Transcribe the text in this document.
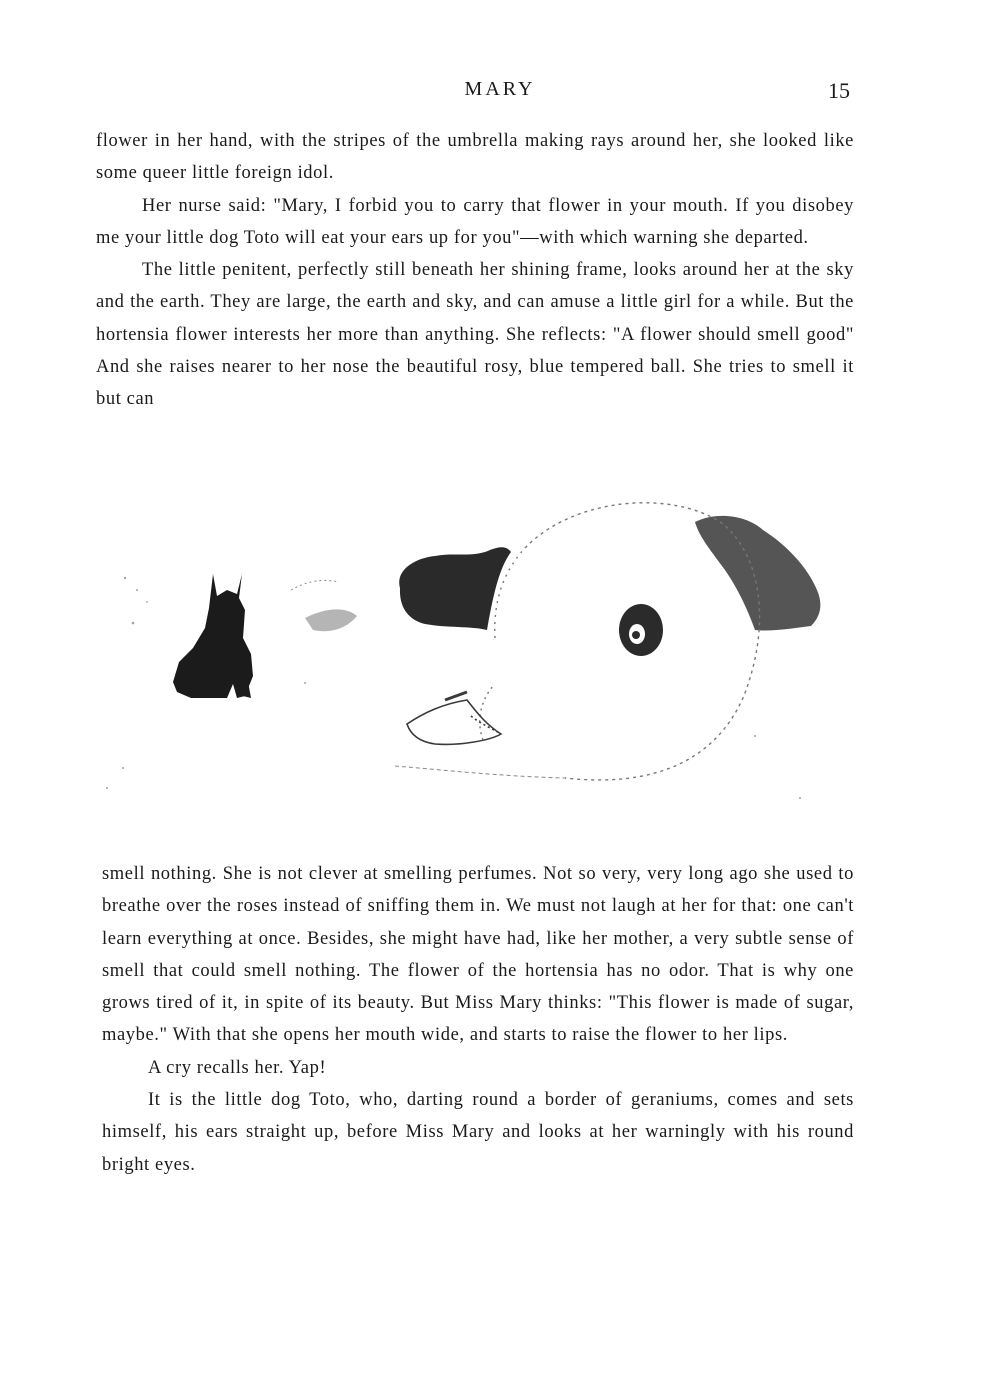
MARY	15

flower in her hand, with the stripes of the umbrella making rays around her, she looked like some queer little foreign idol.

Her nurse said: "Mary, I forbid you to carry that flower in your mouth. If you disobey me your little dog Toto will eat your ears up for you"—with which warning she departed.

The little penitent, perfectly still beneath her shining frame, looks around her at the sky and the earth. They are large, the earth and sky, and can amuse a little girl for a while. But the hortensia flower interests her more than anything. She reflects: "A flower should smell good" And she raises nearer to her nose the beautiful rosy, blue tempered ball. She tries to smell it but can

smell nothing. She is not clever at smelling perfumes. Not so very, very long ago she used to breathe over the roses instead of sniffing them in. We must not laugh at her for that: one can't learn everything at once. Besides, she might have had, like her mother, a very subtle sense of smell that could smell nothing. The flower of the hortensia has no odor. That is why one grows tired of it, in spite of its beauty. But Miss Mary thinks: "This flower is made of sugar, maybe." With that she opens her mouth wide, and starts to raise the flower to her lips.

A cry recalls her. Yap!

It is the little dog Toto, who, darting round a border of geraniums, comes and sets himself, his ears straight up, before Miss Mary and looks at her warningly with his round bright eyes.
